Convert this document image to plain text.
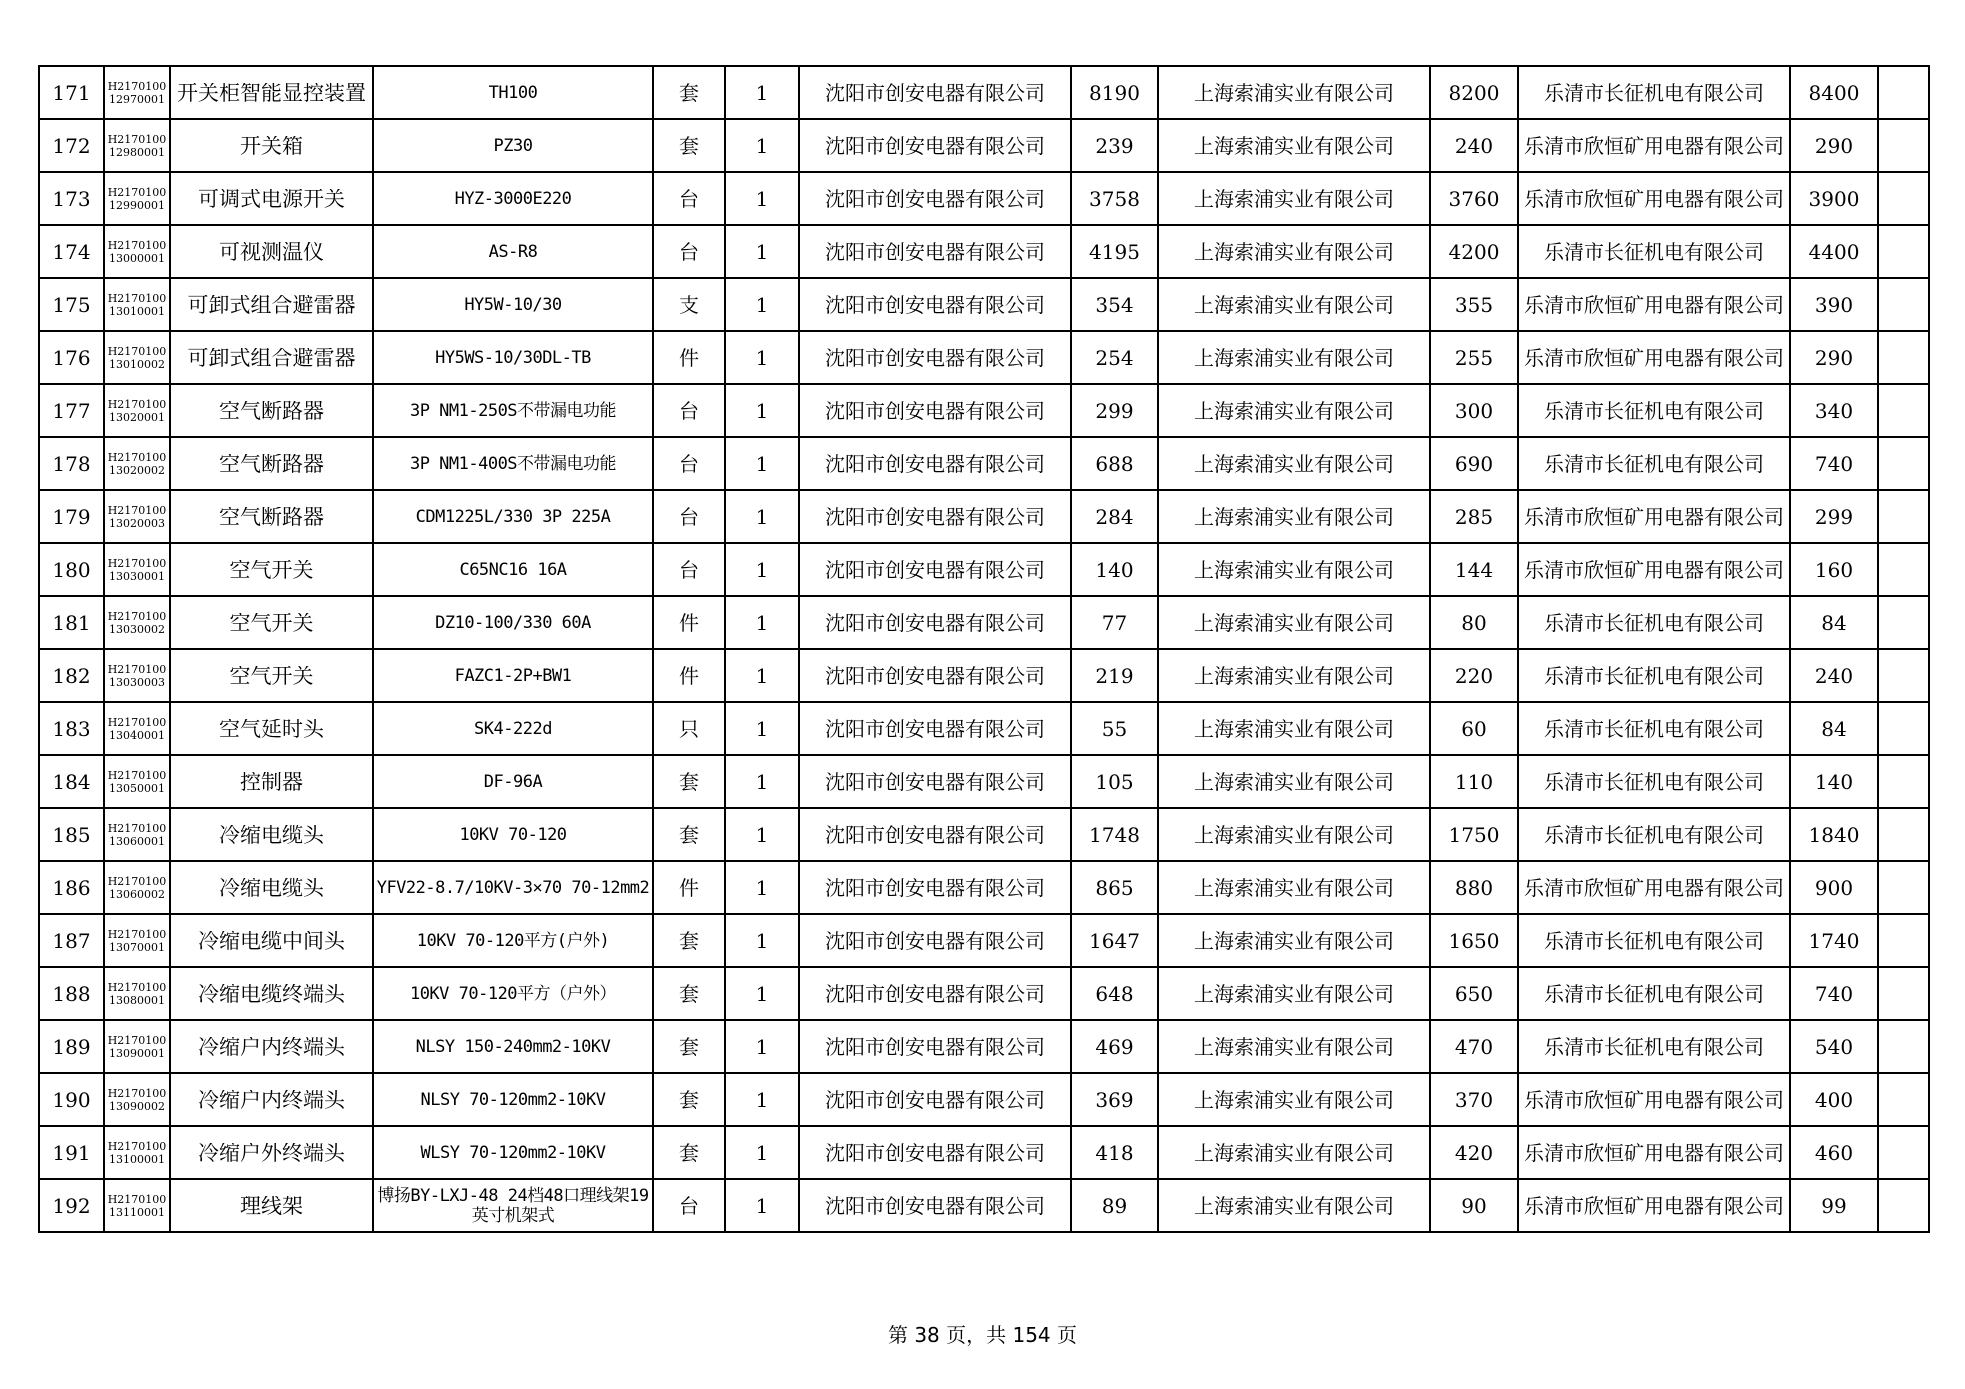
171	H217010012970001	开关柜智能显控装置	TH100	套	1	沈阳市创安电器有限公司	8190	上海索浦实业有限公司	8200	乐清市长征机电有限公司	8400	
172	H217010012980001	开关箱	PZ30	套	1	沈阳市创安电器有限公司	239	上海索浦实业有限公司	240	乐清市欣恒矿用电器有限公司	290	
173	H217010012990001	可调式电源开关	HYZ-3000E220	台	1	沈阳市创安电器有限公司	3758	上海索浦实业有限公司	3760	乐清市欣恒矿用电器有限公司	3900	
174	H217010013000001	可视测温仪	AS-R8	台	1	沈阳市创安电器有限公司	4195	上海索浦实业有限公司	4200	乐清市长征机电有限公司	4400	
175	H217010013010001	可卸式组合避雷器	HY5W-10/30	支	1	沈阳市创安电器有限公司	354	上海索浦实业有限公司	355	乐清市欣恒矿用电器有限公司	390	
176	H217010013010002	可卸式组合避雷器	HY5WS-10/30DL-TB	件	1	沈阳市创安电器有限公司	254	上海索浦实业有限公司	255	乐清市欣恒矿用电器有限公司	290	
177	H217010013020001	空气断路器	3P NM1-250S不带漏电功能	台	1	沈阳市创安电器有限公司	299	上海索浦实业有限公司	300	乐清市长征机电有限公司	340	
178	H217010013020002	空气断路器	3P NM1-400S不带漏电功能	台	1	沈阳市创安电器有限公司	688	上海索浦实业有限公司	690	乐清市长征机电有限公司	740	
179	H217010013020003	空气断路器	CDM1225L/330 3P 225A	台	1	沈阳市创安电器有限公司	284	上海索浦实业有限公司	285	乐清市欣恒矿用电器有限公司	299	
180	H217010013030001	空气开关	C65NC16 16A	台	1	沈阳市创安电器有限公司	140	上海索浦实业有限公司	144	乐清市欣恒矿用电器有限公司	160	
181	H217010013030002	空气开关	DZ10-100/330 60A	件	1	沈阳市创安电器有限公司	77	上海索浦实业有限公司	80	乐清市长征机电有限公司	84	
182	H217010013030003	空气开关	FAZC1-2P+BW1	件	1	沈阳市创安电器有限公司	219	上海索浦实业有限公司	220	乐清市长征机电有限公司	240	
183	H217010013040001	空气延时头	SK4-222d	只	1	沈阳市创安电器有限公司	55	上海索浦实业有限公司	60	乐清市长征机电有限公司	84	
184	H217010013050001	控制器	DF-96A	套	1	沈阳市创安电器有限公司	105	上海索浦实业有限公司	110	乐清市长征机电有限公司	140	
185	H217010013060001	冷缩电缆头	10KV 70-120	套	1	沈阳市创安电器有限公司	1748	上海索浦实业有限公司	1750	乐清市长征机电有限公司	1840	
186	H217010013060002	冷缩电缆头	YFV22-8.7/10KV-3×70 70-12mm2	件	1	沈阳市创安电器有限公司	865	上海索浦实业有限公司	880	乐清市欣恒矿用电器有限公司	900	
187	H217010013070001	冷缩电缆中间头	10KV 70-120平方(户外)	套	1	沈阳市创安电器有限公司	1647	上海索浦实业有限公司	1650	乐清市长征机电有限公司	1740	
188	H217010013080001	冷缩电缆终端头	10KV 70-120平方（户外）	套	1	沈阳市创安电器有限公司	648	上海索浦实业有限公司	650	乐清市长征机电有限公司	740	
189	H217010013090001	冷缩户内终端头	NLSY 150-240mm2-10KV	套	1	沈阳市创安电器有限公司	469	上海索浦实业有限公司	470	乐清市长征机电有限公司	540	
190	H217010013090002	冷缩户内终端头	NLSY 70-120mm2-10KV	套	1	沈阳市创安电器有限公司	369	上海索浦实业有限公司	370	乐清市欣恒矿用电器有限公司	400	
191	H217010013100001	冷缩户外终端头	WLSY 70-120mm2-10KV	套	1	沈阳市创安电器有限公司	418	上海索浦实业有限公司	420	乐清市欣恒矿用电器有限公司	460	
192	H217010013110001	理线架	博扬BY-LXJ-48 24档48口理线架19英寸机架式	台	1	沈阳市创安电器有限公司	89	上海索浦实业有限公司	90	乐清市欣恒矿用电器有限公司	99	
第 38 页，共 154 页
